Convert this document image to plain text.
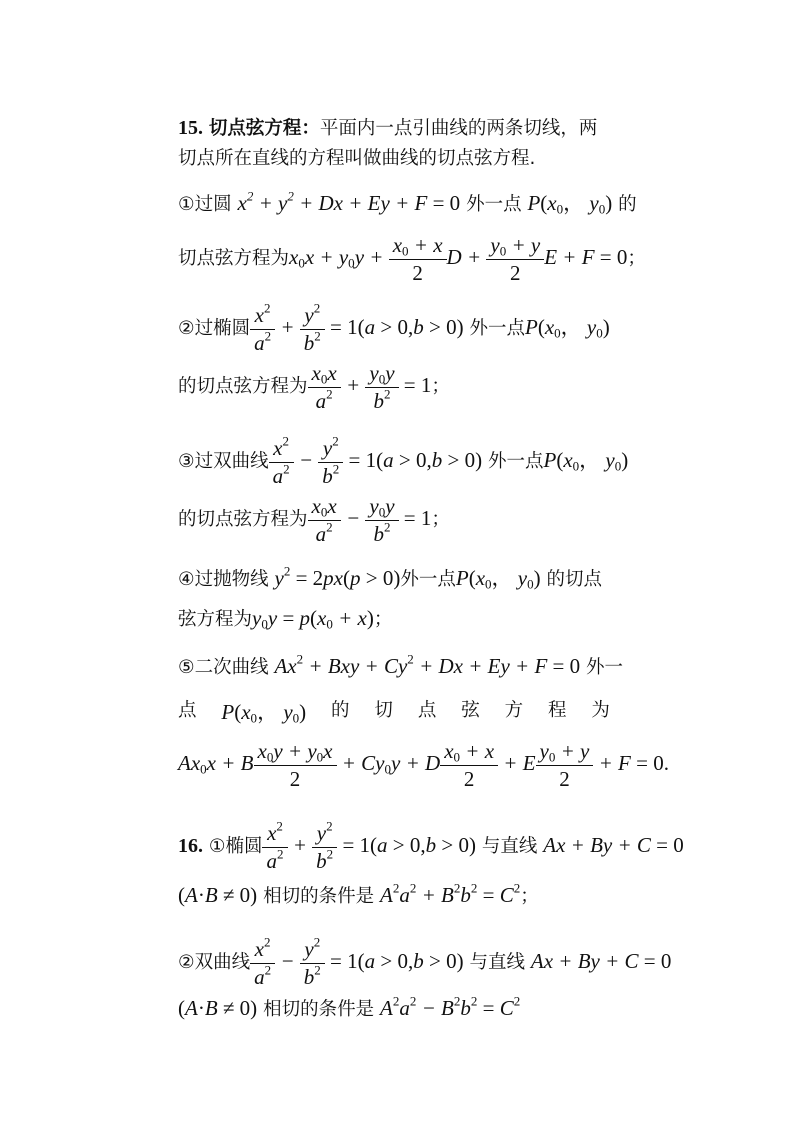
15. 切点弦方程：平面内一点引曲线的两条切线，两
切点所在直线的方程叫做曲线的切点弦方程.
①过圆 $x^2 + y^2 + Dx + Ey + F = 0$ 外一点 $P(x_0$， $y_0$) 的
切点弦方程为$x_0x + y_0y + \frac{x_0 + x}{2}$ $D + \frac{y_0 + y}{2}$ E + F = 0；
②过椭圆 $\frac{x^2}{a^2} + \frac{y^2}{b^2} = 1(a > 0,b > 0)$ 外一点$P(x_0$， $y_0$)
的切点弦方程为 $\frac{x_0x}{a^2} + \frac{y_0y}{b^2} = 1$；
③过双曲线 $\frac{x^2}{a^2} - \frac{y^2}{b^2} = 1(a > 0,b > 0)$ 外一点$P(x_0$， $y_0$)
的切点弦方程为 $\frac{x_0x}{a^2} - \frac{y_0y}{b^2} = 1$；
④过抛物线 $y^2 = 2px(p > 0)$外一点$P(x_0$， $y_0$) 的切点
弦方程为$y_0y = p(x_0 + x)$；
⑤二次曲线 $Ax^2$ + Bxy + $Cy^2 + Dx + Ey + F = 0$ 外一
点 $P(x_0$， $y_0$) 的 切 点 弦 方 程 为
$Ax_0x + B \frac{x_0y + y_0x}{2} + Cy_0y + D \frac{x_0 + x}{2} + E \frac{y_0 + y}{2} + F = 0$.
16. ①椭圆 $\frac{x^2}{a^2} + \frac{y^2}{b^2} = 1(a > 0,b > 0)$ 与直线 Ax + By + C = 0
(A·B ≠ 0) 相切的条件是 $A^2a^2 + B^2b^2 = C^2$；
②双曲线 $\frac{x^2}{a^2} - \frac{y^2}{b^2} = 1(a > 0,b > 0)$ 与直线 Ax + By + C = 0
(A·B ≠ 0) 相切的条件是 $A^2a^2 - B^2b^2 = C^2$
